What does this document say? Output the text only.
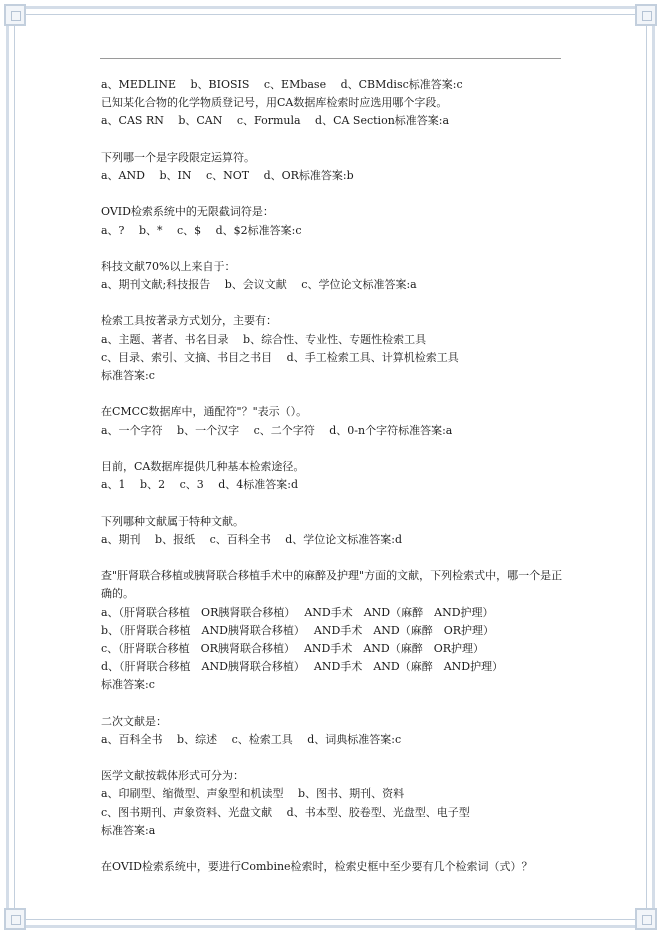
a、MEDLINE　 b、BIOSIS　 c、EMbase　 d、CBMdisc标准答案:c
已知某化合物的化学物质登记号，用CA数据库检索时应选用哪个字段。
a、CAS RN　 b、CAN　 c、Formula　 d、CA Section标准答案:a
下列哪一个是字段限定运算符。
a、AND　 b、IN　 c、NOT　 d、OR标准答案:b
OVID检索系统中的无限截词符是：
a、?　 b、*　 c、$　 d、$2标准答案:c
科技文献70%以上来自于：
a、期刊文献;科技报告　 b、会议文献　 c、学位论文标准答案:a
检索工具按著录方式划分，主要有：
a、主题、著者、书名目录　 b、综合性、专业性、专题性检索工具
c、目录、索引、文摘、书目之书目　 d、手工检索工具、计算机检索工具
标准答案:c
在CMCC数据库中，通配符"？"表示（）。
a、一个字符　 b、一个汉字　 c、二个字符　 d、0-n个字符标准答案:a
目前，CA数据库提供几种基本检索途径。
a、1　 b、2　 c、3　 d、4标准答案:d
下列哪种文献属于特种文献。
a、期刊　 b、报纸　 c、百科全书　 d、学位论文标准答案:d
查"肝肾联合移植或胰肾联合移植手术中的麻醉及护理"方面的文献，下列检索式中，哪一个是正确的。
a、（肝肾联合移植　OR胰肾联合移植）　 AND手术　AND（麻醉　AND护理）
b、（肝肾联合移植　AND胰肾联合移植）　 AND手术　AND（麻醉　OR护理）
c、（肝肾联合移植　OR胰肾联合移植）　 AND手术　AND（麻醉　OR护理）
d、（肝肾联合移植　AND胰肾联合移植）　 AND手术　AND（麻醉　AND护理）
标准答案:c
二次文献是：
a、百科全书　 b、综述　 c、检索工具　 d、词典标准答案:c
医学文献按载体形式可分为：
a、印刷型、缩微型、声象型和机读型　 b、图书、期刊、资料
c、图书期刊、声象资料、光盘文献　 d、书本型、胶卷型、光盘型、电子型
标准答案:a
在OVID检索系统中，要进行Combine检索时，检索史框中至少要有几个检索词（式）？
